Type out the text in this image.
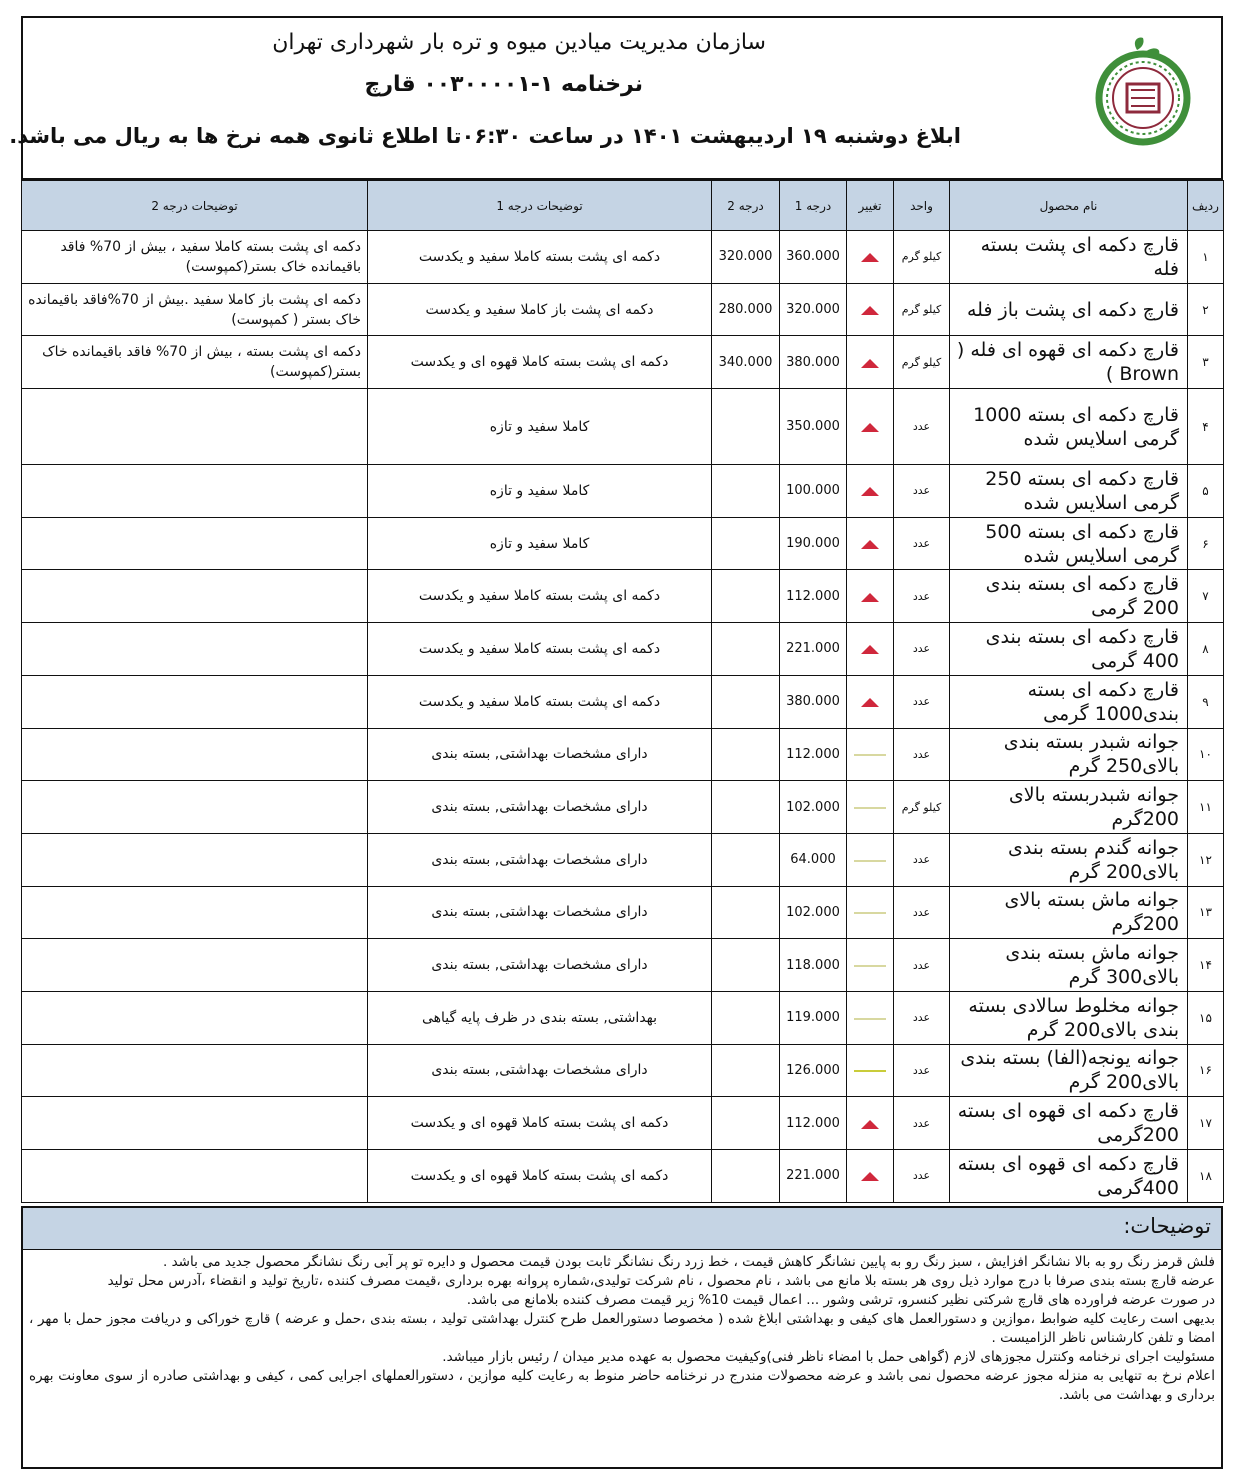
سازمان مدیریت میادین میوه و تره بار شهرداری تهران
نرخنامه ۱-۰۰۳۰۰۰۰۱ قارچ
ابلاغ دوشنبه ۱۹ اردیبهشت ۱۴۰۱ در ساعت ۰۶:۳۰تا اطلاع ثانوی همه نرخ ها به ریال می باشد.
ردیف	نام محصول	واحد	تغییر	درجه 1	درجه 2	توضیحات درجه 1	توضیحات درجه 2
۱	قارچ دکمه ای پشت بسته فله	کیلو گرم		360.000	320.000	دکمه ای پشت بسته کاملا سفید و یکدست	دکمه ای پشت بسته کاملا سفید ، بیش از 70% فاقد باقیمانده خاک بستر(کمپوست)
۲	قارچ دکمه ای پشت باز فله	کیلو گرم		320.000	280.000	دکمه ای پشت باز کاملا سفید و یکدست	دکمه ای پشت باز کاملا سفید .بیش از 70%فاقد باقیمانده خاک بستر ( کمپوست)
۳	قارچ دکمه ای قهوه ای فله ( Brown )	کیلو گرم		380.000	340.000	دکمه ای پشت بسته کاملا قهوه ای و یکدست	دکمه ای پشت بسته ، بیش از 70% فاقد باقیمانده خاک بستر(کمپوست)
۴	قارچ دکمه ای بسته 1000 گرمی اسلایس شده	عدد		350.000		کاملا سفید و تازه	
۵	قارچ دکمه ای بسته 250 گرمی اسلایس شده	عدد		100.000		کاملا سفید و تازه	
۶	قارچ دکمه ای بسته 500 گرمی اسلایس شده	عدد		190.000		کاملا سفید و تازه	
۷	قارچ دکمه ای بسته بندی 200 گرمی	عدد		112.000		دکمه ای پشت بسته کاملا سفید و یکدست	
۸	قارچ دکمه ای بسته بندی 400 گرمی	عدد		221.000		دکمه ای پشت بسته کاملا سفید و یکدست	
۹	قارچ دکمه ای بسته بندی1000 گرمی	عدد		380.000		دکمه ای پشت بسته کاملا سفید و یکدست	
۱۰	جوانه شبدر بسته بندی بالای250 گرم	عدد		112.000		دارای مشخصات بهداشتی, بسته بندی	
۱۱	جوانه شبدربسته بالای 200گرم	کیلو گرم		102.000		دارای مشخصات بهداشتی, بسته بندی	
۱۲	جوانه گندم بسته بندی بالای200 گرم	عدد		64.000		دارای مشخصات بهداشتی, بسته بندی	
۱۳	جوانه ماش بسته بالای 200گرم	عدد		102.000		دارای مشخصات بهداشتی, بسته بندی	
۱۴	جوانه ماش بسته بندی بالای300 گرم	عدد		118.000		دارای مشخصات بهداشتی, بسته بندی	
۱۵	جوانه مخلوط سالادی بسته بندی بالای200 گرم	عدد		119.000		بهداشتی, بسته بندی در ظرف پایه گیاهی	
۱۶	جوانه یونجه(الفا) بسته بندی بالای200 گرم	عدد		126.000		دارای مشخصات بهداشتی, بسته بندی	
۱۷	قارچ دکمه ای قهوه ای بسته 200گرمی	عدد		112.000		دکمه ای پشت بسته کاملا قهوه ای و یکدست	
۱۸	قارچ دکمه ای قهوه ای بسته 400گرمی	عدد		221.000		دکمه ای پشت بسته کاملا قهوه ای و یکدست	
توضیحات:

فلش قرمز رنگ رو به بالا نشانگر افزایش ، سبز رنگ رو به پایین نشانگر کاهش قیمت ، خط زرد رنگ نشانگر ثابت بودن قیمت محصول و دایره تو پر آبی رنگ نشانگر محصول جدید می باشد .

عرضه قارچ بسته بندی صرفا با درج موارد ذیل روی هر بسته بلا مانع می باشد ، نام محصول ، نام شرکت تولیدی،شماره پروانه بهره برداری ،قیمت مصرف کننده ،تاریخ تولید و انقضاء ،آدرس محل تولید

در صورت عرضه فراورده های قارچ شرکتی نظیر کنسرو، ترشی وشور ... اعمال قیمت 10% زیر قیمت مصرف کننده بلامانع می باشد.

بدیهی است رعایت کلیه ضوابط ،موازین و دستورالعمل های کیفی و بهداشتی ابلاغ شده ( مخصوصا دستورالعمل طرح کنترل بهداشتی تولید ، بسته بندی ،حمل و عرضه ) قارچ خوراکی و دریافت مجوز حمل با مهر ، امضا و تلفن کارشناس ناظر الزامیست .

مسئولیت اجرای نرخنامه وکنترل مجوزهای لازم (گواهی حمل با امضاء ناظر فنی)وکیفیت محصول به عهده مدیر میدان / رئیس بازار میباشد.

اعلام نرخ به تنهایی به منزله مجوز عرضه محصول نمی باشد و عرضه محصولات مندرج در نرخنامه حاضر منوط به رعایت کلیه موازین ، دستورالعملهای اجرایی کمی ، کیفی و بهداشتی صادره از سوی معاونت بهره برداری و بهداشت می باشد.
